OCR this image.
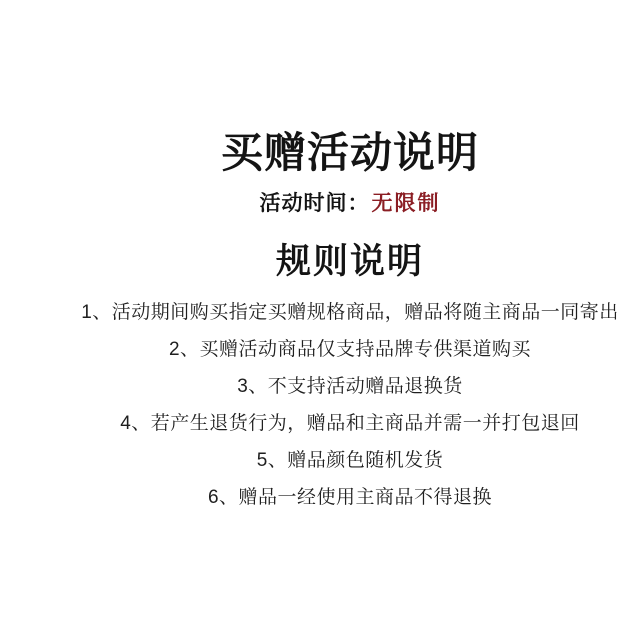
买赠活动说明
活动时间：无限制
规则说明
1、活动期间购买指定买赠规格商品，赠品将随主商品一同寄出
2、买赠活动商品仅支持品牌专供渠道购买
3、不支持活动赠品退换货
4、若产生退货行为，赠品和主商品并需一并打包退回
5、赠品颜色随机发货
6、赠品一经使用主商品不得退换
